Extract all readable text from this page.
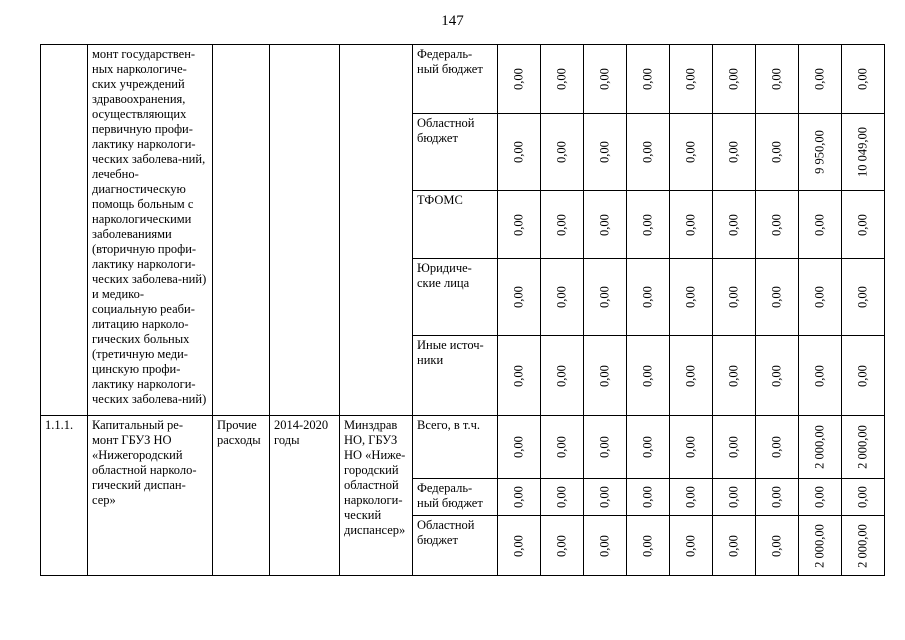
147
	монт государствен-ных наркологиче-ских учреждений здравоохранения, осуществляющих первичную профи-лактику наркологи-ческих заболева-ний, лечебно-диагностическую помощь больным с наркологическими заболеваниями (вторичную профи-лактику наркологи-ческих заболева-ний) и медико-социальную реаби-литацию нарколо-гических больных (третичную меди-цинскую профи-лактику наркологи-ческих заболева-ний)				Федераль-ный бюджет	0,00	0,00	0,00	0,00	0,00	0,00	0,00	0,00	0,00

					Областной бюджет	0,00	0,00	0,00	0,00	0,00	0,00	0,00	9 950,00	10 049,00

					ТФОМС	0,00	0,00	0,00	0,00	0,00	0,00	0,00	0,00	0,00

					Юридиче-ские лица	0,00	0,00	0,00	0,00	0,00	0,00	0,00	0,00	0,00

					Иные источ-ники	0,00	0,00	0,00	0,00	0,00	0,00	0,00	0,00	0,00

1.1.1.	Капитальный ре-монт ГБУЗ НО «Нижегородский областной нарколо-гический диспан-сер»	Прочие расходы	2014-2020 годы	Минздрав НО, ГБУЗ НО «Ниже-городский областной наркологи-ческий диспансер»	Всего, в т.ч.	0,00	0,00	0,00	0,00	0,00	0,00	0,00	2 000,00	2 000,00

					Федераль-ный бюджет	0,00	0,00	0,00	0,00	0,00	0,00	0,00	0,00	0,00

					Областной бюджет	0,00	0,00	0,00	0,00	0,00	0,00	0,00	2 000,00	2 000,00
